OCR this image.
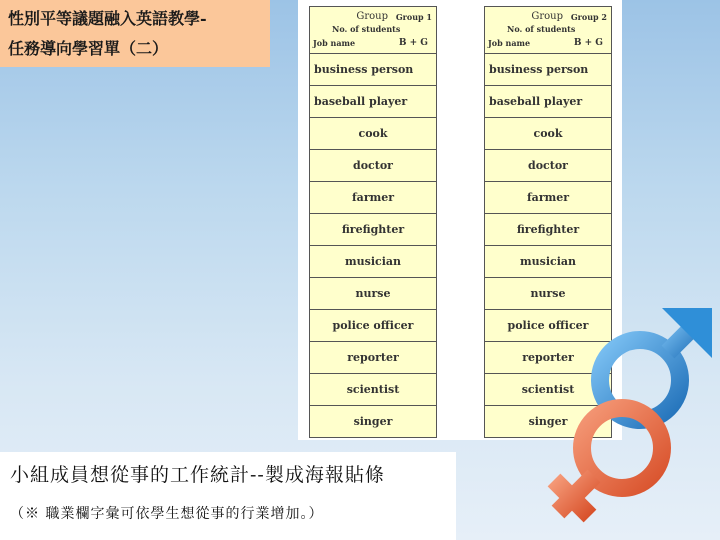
性別平等議題融入英語教學-
任務導向學習單（二）
Group Group 1
No. of students
Job name	B + G
business person
baseball player
cook
doctor
farmer
firefighter
musician
nurse
police officer
reporter
scientist
singer
Group Group 2
No. of students
Job name	B + G
business person
baseball player
cook
doctor
farmer
firefighter
musician
nurse
police officer
reporter
scientist
singer
小組成員想從事的工作統計--製成海報貼條
（※ 職業欄字彙可依學生想從事的行業增加。）
